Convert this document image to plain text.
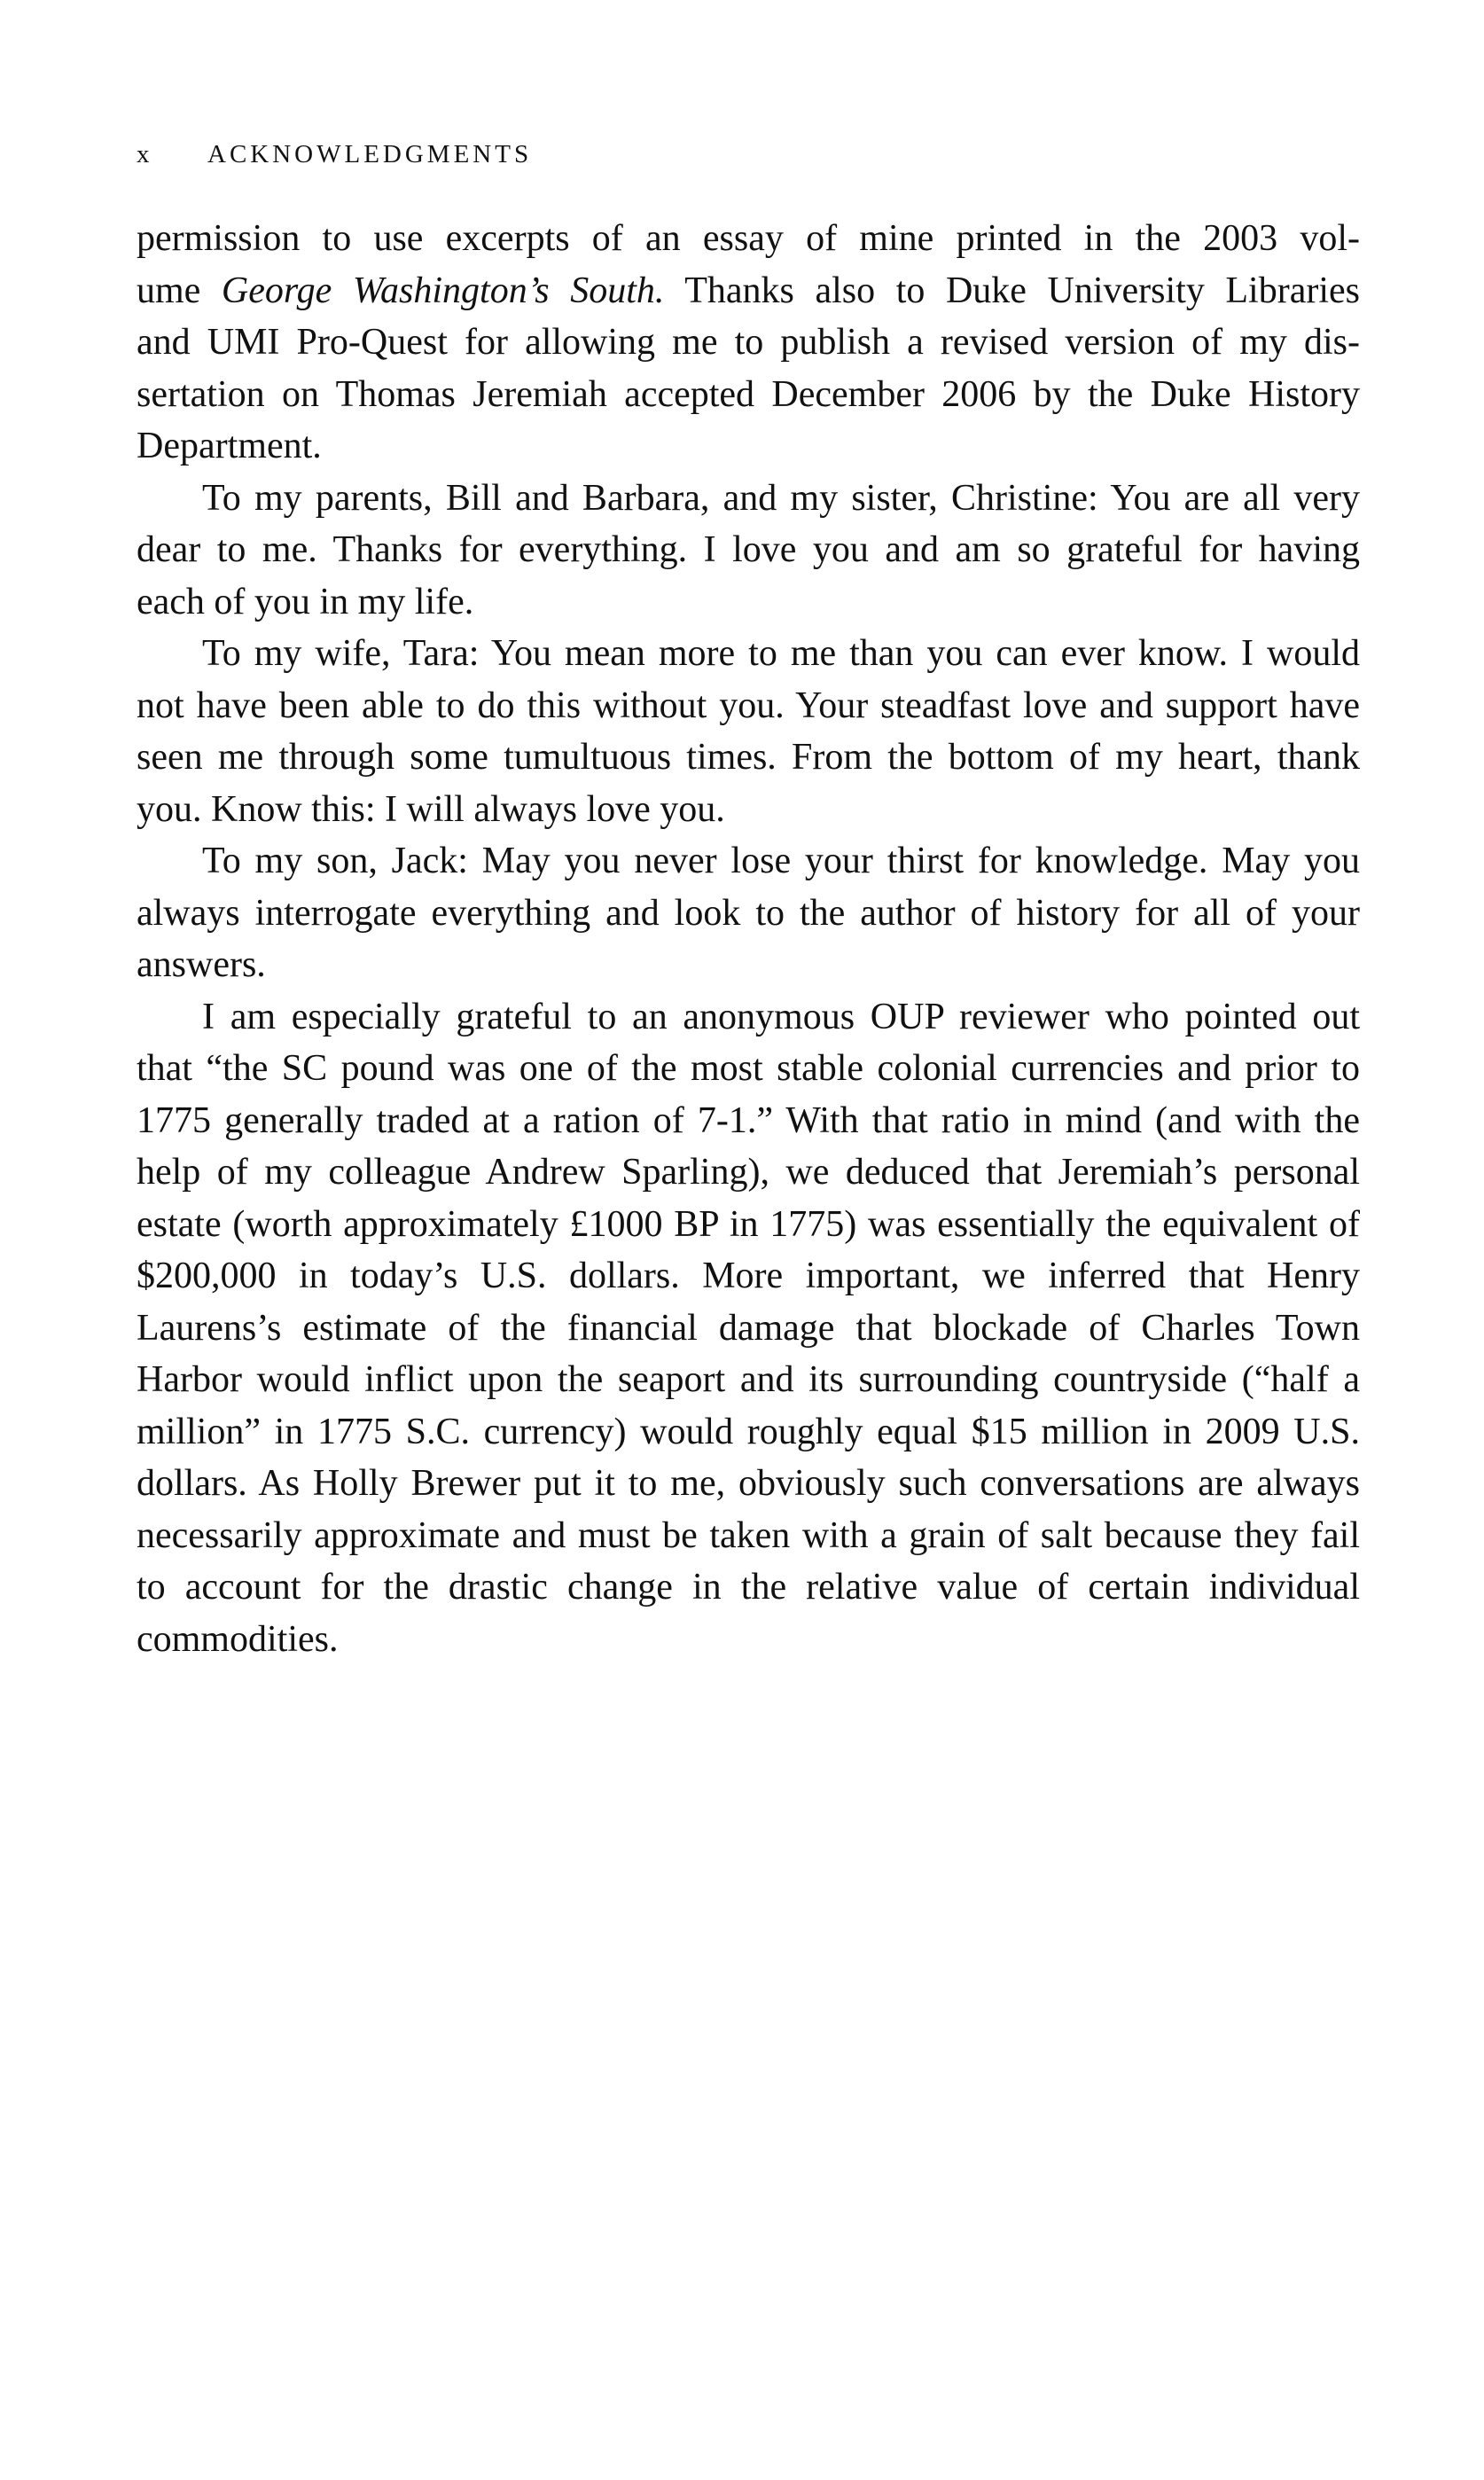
x ACKNOWLEDGMENTS
permission to use excerpts of an essay of mine printed in the 2003 vol-
ume George Washington’s South. Thanks also to Duke University Libraries
and UMI Pro-Quest for allowing me to publish a revised version of my dis-
sertation on Thomas Jeremiah accepted December 2006 by the Duke History
Department.
To my parents, Bill and Barbara, and my sister, Christine: You are all very
dear to me. Thanks for everything. I love you and am so grateful for having
each of you in my life.
To my wife, Tara: You mean more to me than you can ever know. I would
not have been able to do this without you. Your steadfast love and support have
seen me through some tumultuous times. From the bottom of my heart, thank
you. Know this: I will always love you.
To my son, Jack: May you never lose your thirst for knowledge. May you
always interrogate everything and look to the author of history for all of your
answers.
I am especially grateful to an anonymous OUP reviewer who pointed out
that “the SC pound was one of the most stable colonial currencies and prior to
1775 generally traded at a ration of 7-1.” With that ratio in mind (and with the
help of my colleague Andrew Sparling), we deduced that Jeremiah’s personal
estate (worth approximately £1000 BP in 1775) was essentially the equivalent of
$200,000 in today’s U.S. dollars. More important, we inferred that Henry
Laurens’s estimate of the financial damage that blockade of Charles Town
Harbor would inflict upon the seaport and its surrounding countryside (“half a
million” in 1775 S.C. currency) would roughly equal $15 million in 2009 U.S.
dollars. As Holly Brewer put it to me, obviously such conversations are always
necessarily approximate and must be taken with a grain of salt because they fail
to account for the drastic change in the relative value of certain individual
commodities.
